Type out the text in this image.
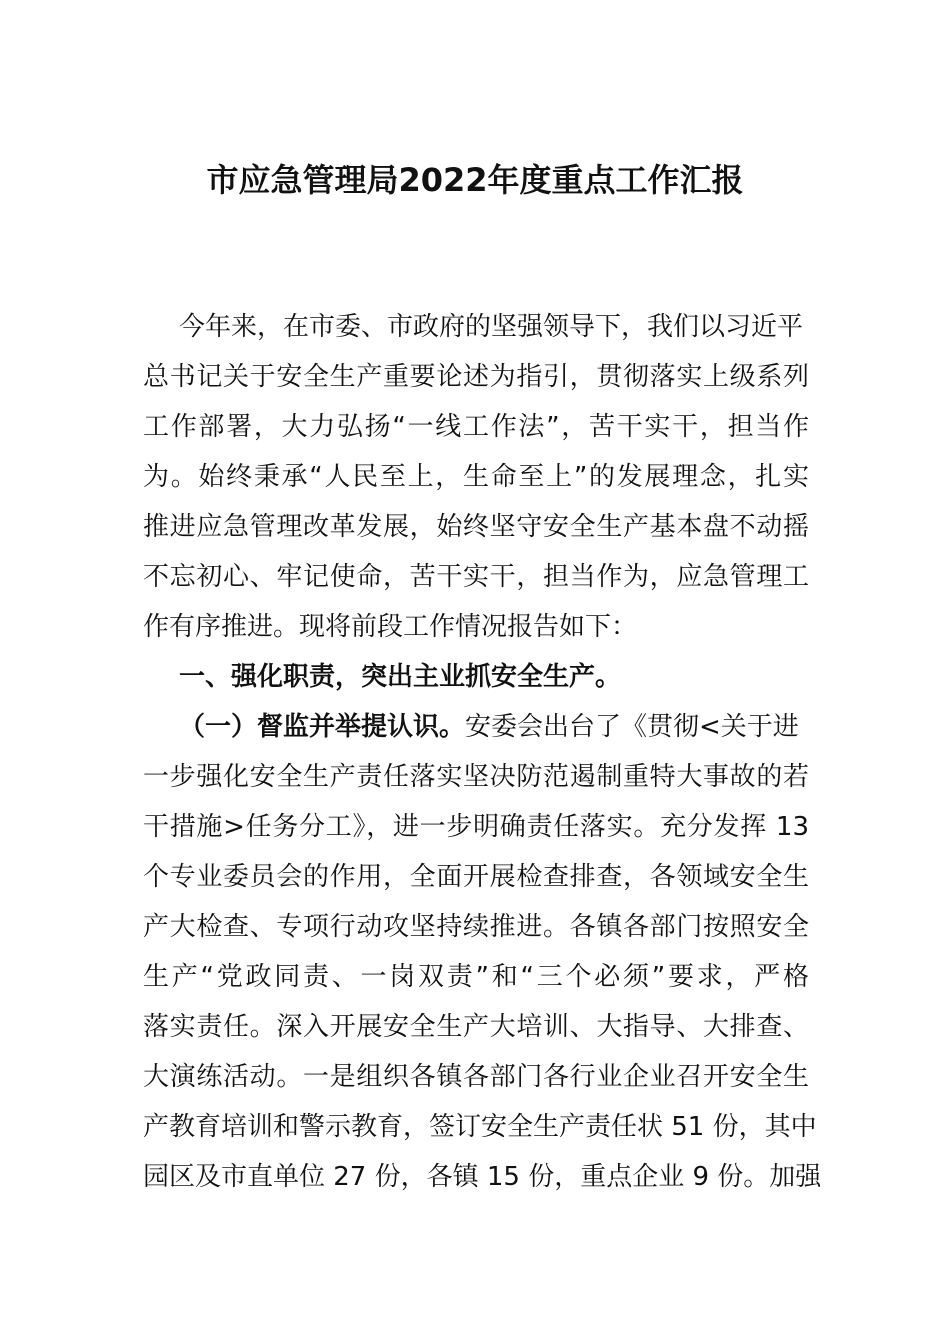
市应急管理局2022年度重点工作汇报
今年来，在市委、市政府的坚强领导下，我们以习近平
总书记关于安全生产重要论述为指引，贯彻落实上级系列
工作部署，大力弘扬“一线工作法”，苦干实干，担当作
为。始终秉承“人民至上，生命至上”的发展理念，扎实
推进应急管理改革发展，始终坚守安全生产基本盘不动摇
不忘初心、牢记使命，苦干实干，担当作为，应急管理工
作有序推进。现将前段工作情况报告如下：
一、强化职责，突出主业抓安全生产。
（一）督监并举提认识。安委会出台了《贯彻<关于进
一步强化安全生产责任落实坚决防范遏制重特大事故的若
干措施>任务分工》，进一步明确责任落实。充分发挥 13
个专业委员会的作用，全面开展检查排查，各领域安全生
产大检查、专项行动攻坚持续推进。各镇各部门按照安全
生产“党政同责、一岗双责”和“三个必须”要求，严格
落实责任。深入开展安全生产大培训、大指导、大排查、
大演练活动。一是组织各镇各部门各行业企业召开安全生
产教育培训和警示教育，签订安全生产责任状 51 份，其中
园区及市直单位 27 份，各镇 15 份，重点企业 9 份。加强
